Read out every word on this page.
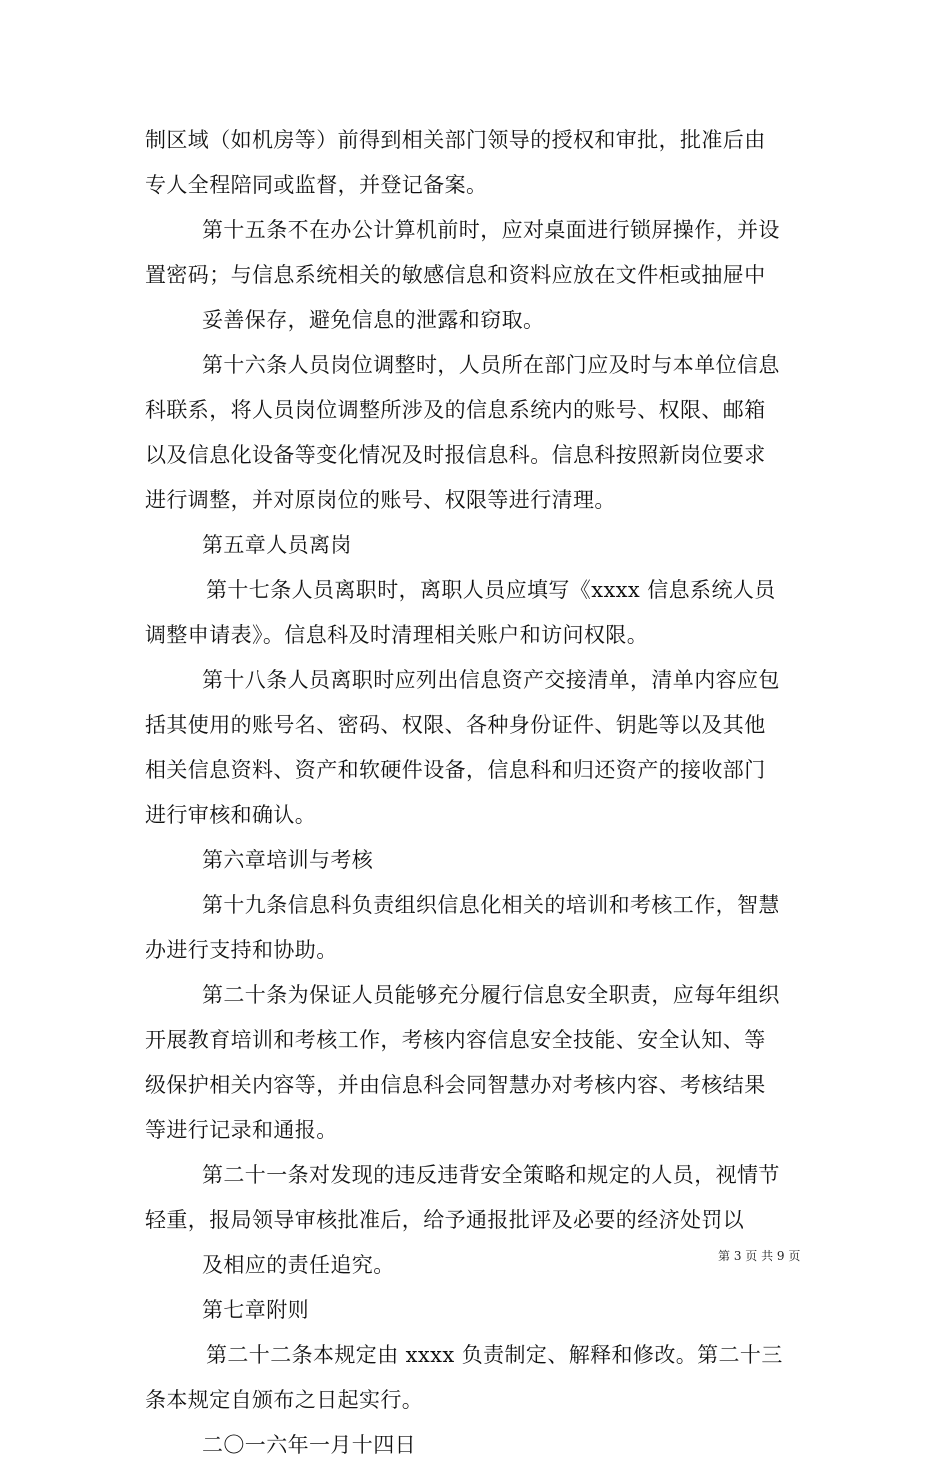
制区域（如机房等）前得到相关部门领导的授权和审批，批准后由
专人全程陪同或监督，并登记备案。
第十五条不在办公计算机前时，应对桌面进行锁屏操作，并设
置密码；与信息系统相关的敏感信息和资料应放在文件柜或抽屉中
妥善保存，避免信息的泄露和窃取。
第十六条人员岗位调整时，人员所在部门应及时与本单位信息
科联系，将人员岗位调整所涉及的信息系统内的账号、权限、邮箱
以及信息化设备等变化情况及时报信息科。信息科按照新岗位要求
进行调整，并对原岗位的账号、权限等进行清理。
第五章人员离岗
第十七条人员离职时，离职人员应填写《xxxx 信息系统人员
调整申请表》。信息科及时清理相关账户和访问权限。
第十八条人员离职时应列出信息资产交接清单，清单内容应包
括其使用的账号名、密码、权限、各种身份证件、钥匙等以及其他
相关信息资料、资产和软硬件设备，信息科和归还资产的接收部门
进行审核和确认。
第六章培训与考核
第十九条信息科负责组织信息化相关的培训和考核工作，智慧
办进行支持和协助。
第二十条为保证人员能够充分履行信息安全职责，应每年组织
开展教育培训和考核工作，考核内容信息安全技能、安全认知、等
级保护相关内容等，并由信息科会同智慧办对考核内容、考核结果
等进行记录和通报。
第二十一条对发现的违反违背安全策略和规定的人员，视情节
轻重，报局领导审核批准后，给予通报批评及必要的经济处罚以
及相应的责任追究。
第七章附则
第二十二条本规定由 xxxx 负责制定、解释和修改。第二十三
条本规定自颁布之日起实行。
二〇一六年一月十四日
第 3 页 共 9 页
